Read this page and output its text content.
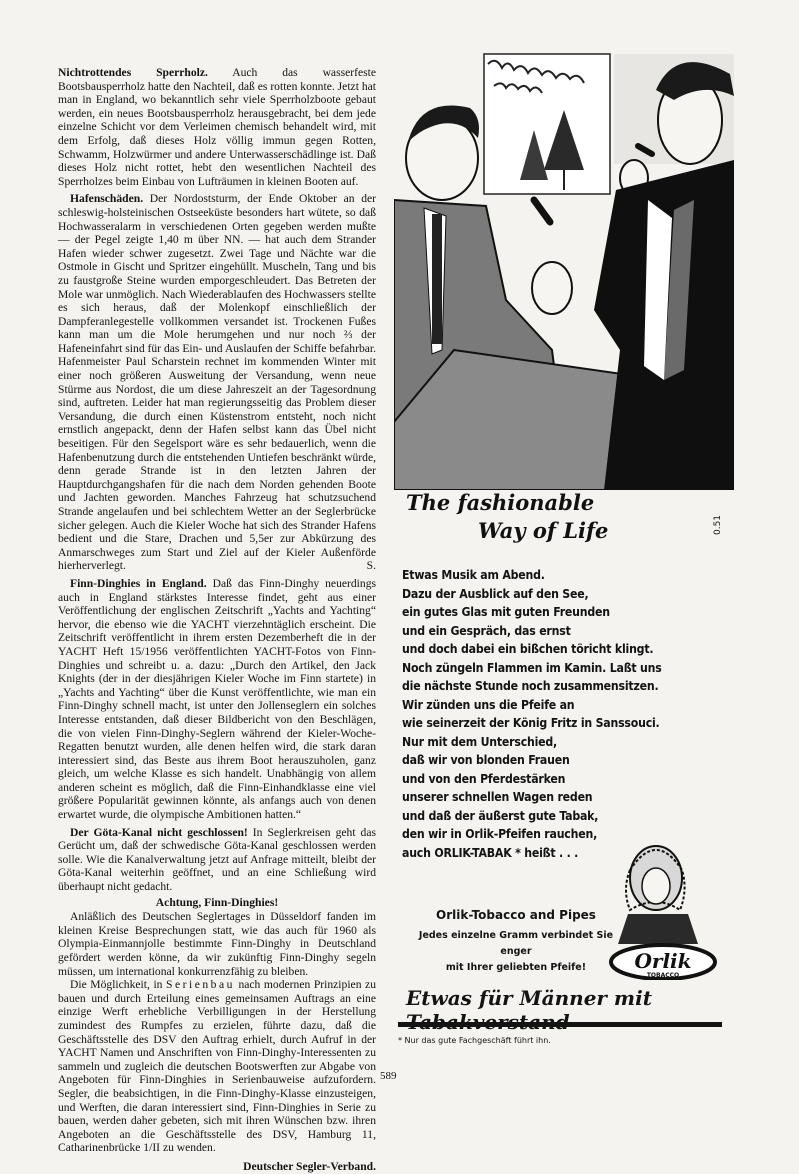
Nichtrottendes Sperrholz. Auch das wasserfeste Bootsbausperrholz hatte den Nachteil, daß es rotten konnte. Jetzt hat man in England, wo bekanntlich sehr viele Sperrholzboote gebaut werden, ein neues Bootsbausperrholz herausgebracht, bei dem jede einzelne Schicht vor dem Verleimen chemisch behandelt wird, mit dem Erfolg, daß dieses Holz völlig immun gegen Rotten, Schwamm, Holzwürmer und andere Unterwasserschädlinge ist. Daß dieses Holz nicht rottet, hebt den wesentlichen Nachteil des Sperrholzes beim Einbau von Lufträumen in kleinen Booten auf.

Hafenschäden. Der Nordoststurm, der Ende Oktober an der schleswig-holsteinischen Ostseeküste besonders hart wütete, so daß Hochwasseralarm in verschiedenen Orten gegeben werden mußte — der Pegel zeigte 1,40 m über NN. — hat auch dem Strander Hafen wieder schwer zugesetzt. Zwei Tage und Nächte war die Ostmole in Gischt und Spritzer eingehüllt. Muscheln, Tang und bis zu faustgroße Steine wurden emporgeschleudert. Das Betreten der Mole war unmöglich. Nach Wiederablaufen des Hochwassers stellte es sich heraus, daß der Molenkopf einschließlich der Dampferanlegestelle vollkommen versandet ist. Trockenen Fußes kann man um die Mole herumgehen und nur noch ⅔ der Hafeneinfahrt sind für das Ein- und Auslaufen der Schiffe befahrbar. Hafenmeister Paul Scharstein rechnet im kommenden Winter mit einer noch größeren Ausweitung der Versandung, wenn neue Stürme aus Nordost, die um diese Jahreszeit an der Tagesordnung sind, auftreten. Leider hat man regierungsseitig das Problem dieser Versandung, die durch einen Küstenstrom entsteht, noch nicht ernstlich angepackt, denn der Hafen selbst kann das Übel nicht beseitigen. Für den Segelsport wäre es sehr bedauerlich, wenn die Hafenbenutzung durch die entstehenden Untiefen beschränkt würde, denn gerade Strande ist in den letzten Jahren der Hauptdurchgangshafen für die nach dem Norden gehenden Boote und Jachten geworden. Manches Fahrzeug hat schutzsuchend Strande angelaufen und bei schlechtem Wetter an der Seglerbrücke sicher gelegen. Auch die Kieler Woche hat sich des Strander Hafens bedient und die Stare, Drachen und 5,5er zur Abkürzung des Anmarschweges zum Start und Ziel auf der Kieler Außenförde hierherverlegt.	S.

Finn-Dinghies in England. Daß das Finn-Dinghy neuerdings auch in England stärkstes Interesse findet, geht aus einer Veröffentlichung der englischen Zeitschrift „Yachts and Yachting“ hervor, die ebenso wie die YACHT vierzehntäglich erscheint. Die Zeitschrift veröffentlicht in ihrem ersten Dezemberheft die in der YACHT Heft 15/1956 veröffentlichten YACHT-Fotos von Finn-Dinghies und schreibt u. a. dazu: „Durch den Artikel, den Jack Knights (der in der diesjährigen Kieler Woche im Finn startete) in „Yachts and Yachting“ über die Kunst veröffentlichte, wie man ein Finn-Dinghy schnell macht, ist unter den Jollenseglern ein solches Interesse entstanden, daß dieser Bildbericht von den Beschlägen, die von vielen Finn-Dinghy-Seglern während der Kieler-Woche-Regatten benutzt wurden, alle denen helfen wird, die stark daran interessiert sind, das Beste aus ihrem Boot herauszuholen, ganz gleich, um welche Klasse es sich handelt. Unabhängig von allem anderen scheint es möglich, daß die Finn-Einhandklasse eine viel größere Popularität gewinnen könnte, als anfangs auch von denen erwartet wurde, die olympische Ambitionen hatten.“

Der Göta-Kanal nicht geschlossen! In Seglerkreisen geht das Gerücht um, daß der schwedische Göta-Kanal geschlossen werden solle. Wie die Kanalverwaltung jetzt auf Anfrage mitteilt, bleibt der Göta-Kanal weiterhin geöffnet, und an eine Schließung wird überhaupt nicht gedacht.

Achtung, Finn-Dinghies!

Anläßlich des Deutschen Seglertages in Düsseldorf fanden im kleinen Kreise Besprechungen statt, wie das auch für 1960 als Olympia-Einmannjolle bestimmte Finn-Dinghy in Deutschland gefördert werden könne, da wir zukünftig Finn-Dinghy segeln müssen, um international konkurrenzfähig zu bleiben.

Die Möglichkeit, in Serienbau nach modernen Prinzipien zu bauen und durch Erteilung eines gemeinsamen Auftrags an eine einzige Werft erhebliche Verbilligungen in der Herstellung zumindest des Rumpfes zu erzielen, führte dazu, daß die Geschäftsstelle des DSV den Auftrag erhielt, durch Aufruf in der YACHT Namen und Anschriften von Finn-Dinghy-Interessenten zu sammeln und zugleich die deutschen Bootswerften zur Abgabe von Angeboten für Finn-Dinghies in Serienbauweise aufzufordern. Segler, die beabsichtigen, in die Finn-Dinghy-Klasse einzusteigen, und Werften, die daran interessiert sind, Finn-Dinghies in Serie zu bauen, werden daher gebeten, sich mit ihren Wünschen bzw. ihren Angeboten an die Geschäftsstelle des DSV, Hamburg 11, Catharinenbrücke 1/II zu wenden.

Deutscher Segler-Verband.
The fashionable
Way of Life	0.51
Etwas Musik am Abend.
Dazu der Ausblick auf den See,
ein gutes Glas mit guten Freunden
und ein Gespräch, das ernst
und doch dabei ein bißchen töricht klingt.
Noch züngeln Flammen im Kamin. Laßt uns
die nächste Stunde noch zusammensitzen.
Wir zünden uns die Pfeife an
wie seinerzeit der König Fritz in Sanssouci.
Nur mit dem Unterschied,
daß wir von blonden Frauen
und von den Pferdestärken
unserer schnellen Wagen reden
und daß der äußerst gute Tabak,
den wir in Orlik-Pfeifen rauchen,
auch ORLIK-TABAK * heißt . . .
Orlik
TOBACCO
Orlik-Tobacco and Pipes
Jedes einzelne Gramm verbindet Sie enger
mit Ihrer geliebten Pfeife!
Etwas für Männer mit
* Nur das gute Fachgeschäft führt ihn.
589
